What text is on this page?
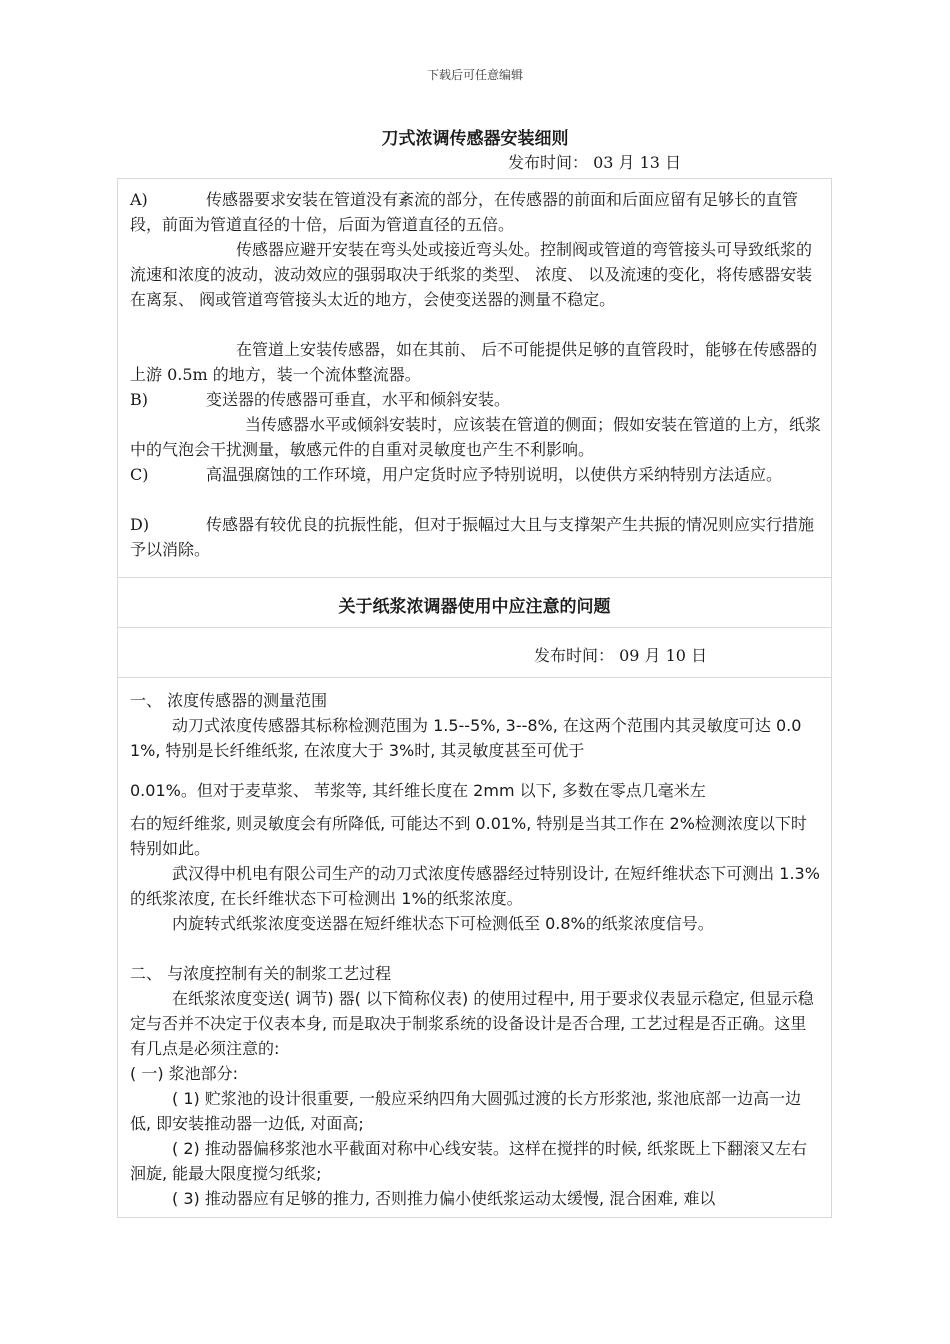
下载后可任意编辑
刀式浓调传感器安装细则
发布时间： 03 月 13 日
A)	传感器要求安装在管道没有紊流的部分，在传感器的前面和后面应留有足够长的直管段，前面为管道直径的十倍，后面为管道直径的五倍。
传感器应避开安装在弯头处或接近弯头处。控制阀或管道的弯管接头可导致纸浆的流速和浓度的波动，波动效应的强弱取决于纸浆的类型、 浓度、 以及流速的变化，将传感器安装在离泵、 阀或管道弯管接头太近的地方，会使变送器的测量不稳定。
在管道上安装传感器，如在其前、 后不可能提供足够的直管段时，能够在传感器的上游 0.5m 的地方，装一个流体整流器。
B)	变送器的传感器可垂直，水平和倾斜安装。
当传感器水平或倾斜安装时，应该装在管道的侧面；假如安装在管道的上方，纸浆中的气泡会干扰测量，敏感元件的自重对灵敏度也产生不利影响。
C)	高温强腐蚀的工作环境，用户定货时应予特别说明，以使供方采纳特别方法适应。
D)	传感器有较优良的抗振性能，但对于振幅过大且与支撑架产生共振的情况则应实行措施予以消除。
关于纸浆浓调器使用中应注意的问题
发布时间： 09 月 10 日
一、 浓度传感器的测量范围
动刀式浓度传感器其标称检测范围为 1.5--5%, 3--8%, 在这两个范围内其灵敏度可达 0.01%, 特别是长纤维纸浆, 在浓度大于 3%时, 其灵敏度甚至可优于
0.01%。但对于麦草浆、 苇浆等, 其纤维长度在 2mm 以下, 多数在零点几毫米左
右的短纤维浆, 则灵敏度会有所降低, 可能达不到 0.01%, 特别是当其工作在 2%检测浓度以下时特别如此。
武汉得中机电有限公司生产的动刀式浓度传感器经过特别设计, 在短纤维状态下可测出 1.3%的纸浆浓度, 在长纤维状态下可检测出 1%的纸浆浓度。
内旋转式纸浆浓度变送器在短纤维状态下可检测低至 0.8%的纸浆浓度信号。
二、 与浓度控制有关的制浆工艺过程
在纸浆浓度变送( 调节) 器( 以下简称仪表) 的使用过程中, 用于要求仪表显示稳定, 但显示稳定与否并不决定于仪表本身, 而是取决于制浆系统的设备设计是否合理, 工艺过程是否正确。这里有几点是必须注意的:
( 一) 浆池部分:
( 1) 贮浆池的设计很重要, 一般应采纳四角大圆弧过渡的长方形浆池, 浆池底部一边高一边低, 即安装推动器一边低, 对面高;
( 2) 推动器偏移浆池水平截面对称中心线安装。这样在搅拌的时候, 纸浆既上下翻滚又左右洄旋, 能最大限度搅匀纸浆;
( 3) 推动器应有足够的推力, 否则推力偏小使纸浆运动太缓慢, 混合困难, 难以
